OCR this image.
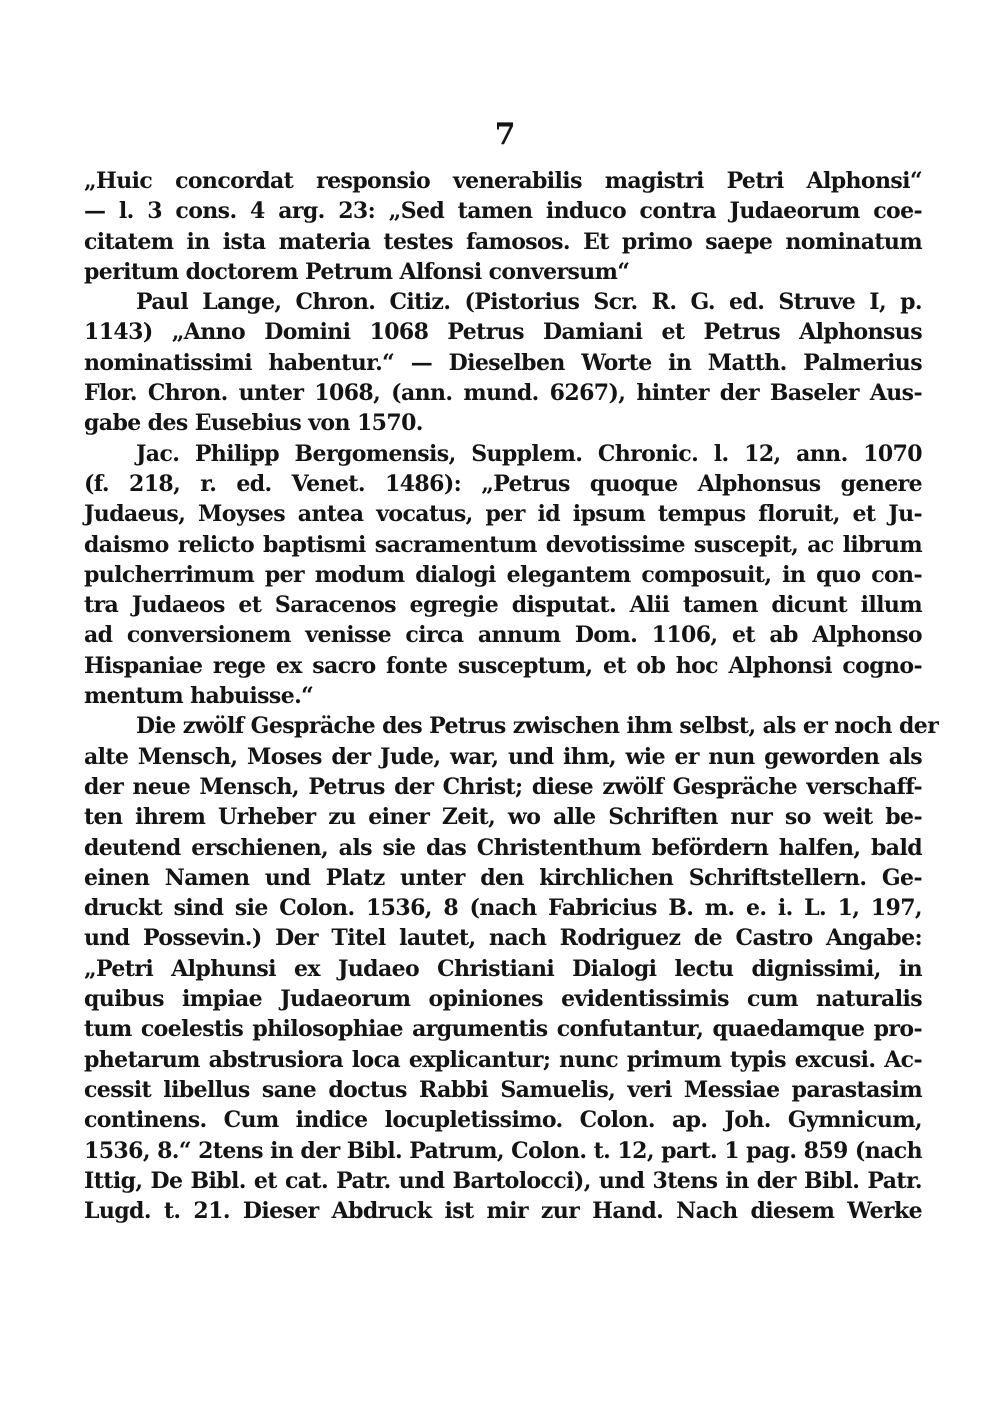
7
„Huic concordat responsio venerabilis magistri Petri Alphonsi“
— l. 3 cons. 4 arg. 23: „Sed tamen induco contra Judaeorum coe-
citatem in ista materia testes famosos. Et primo saepe nominatum
peritum doctorem Petrum Alfonsi conversum“
Paul Lange, Chron. Citiz. (Pistorius Scr. R. G. ed. Struve I, p.
1143) „Anno Domini 1068 Petrus Damiani et Petrus Alphonsus
nominatissimi habentur.“ — Dieselben Worte in Matth. Palmerius
Flor. Chron. unter 1068, (ann. mund. 6267), hinter der Baseler Aus-
gabe des Eusebius von 1570.
Jac. Philipp Bergomensis, Supplem. Chronic. l. 12, ann. 1070
(f. 218, r. ed. Venet. 1486): „Petrus quoque Alphonsus genere
Judaeus, Moyses antea vocatus, per id ipsum tempus floruit, et Ju-
daismo relicto baptismi sacramentum devotissime suscepit, ac librum
pulcherrimum per modum dialogi elegantem composuit, in quo con-
tra Judaeos et Saracenos egregie disputat. Alii tamen dicunt illum
ad conversionem venisse circa annum Dom. 1106, et ab Alphonso
Hispaniae rege ex sacro fonte susceptum, et ob hoc Alphonsi cogno-
mentum habuisse.“
Die zwölf Gespräche des Petrus zwischen ihm selbst, als er noch der
alte Mensch, Moses der Jude, war, und ihm, wie er nun geworden als
der neue Mensch, Petrus der Christ; diese zwölf Gespräche verschaff-
ten ihrem Urheber zu einer Zeit, wo alle Schriften nur so weit be-
deutend erschienen, als sie das Christenthum befördern halfen, bald
einen Namen und Platz unter den kirchlichen Schriftstellern. Ge-
druckt sind sie Colon. 1536, 8 (nach Fabricius B. m. e. i. L. 1, 197,
und Possevin.) Der Titel lautet, nach Rodriguez de Castro Angabe:
„Petri Alphunsi ex Judaeo Christiani Dialogi lectu dignissimi, in
quibus impiae Judaeorum opiniones evidentissimis cum naturalis
tum coelestis philosophiae argumentis confutantur, quaedamque pro-
phetarum abstrusiora loca explicantur; nunc primum typis excusi. Ac-
cessit libellus sane doctus Rabbi Samuelis, veri Messiae parastasim
continens. Cum indice locupletissimo. Colon. ap. Joh. Gymnicum,
1536, 8.“ 2tens in der Bibl. Patrum, Colon. t. 12, part. 1 pag. 859 (nach
Ittig, De Bibl. et cat. Patr. und Bartolocci), und 3tens in der Bibl. Patr.
Lugd. t. 21. Dieser Abdruck ist mir zur Hand. Nach diesem Werke
